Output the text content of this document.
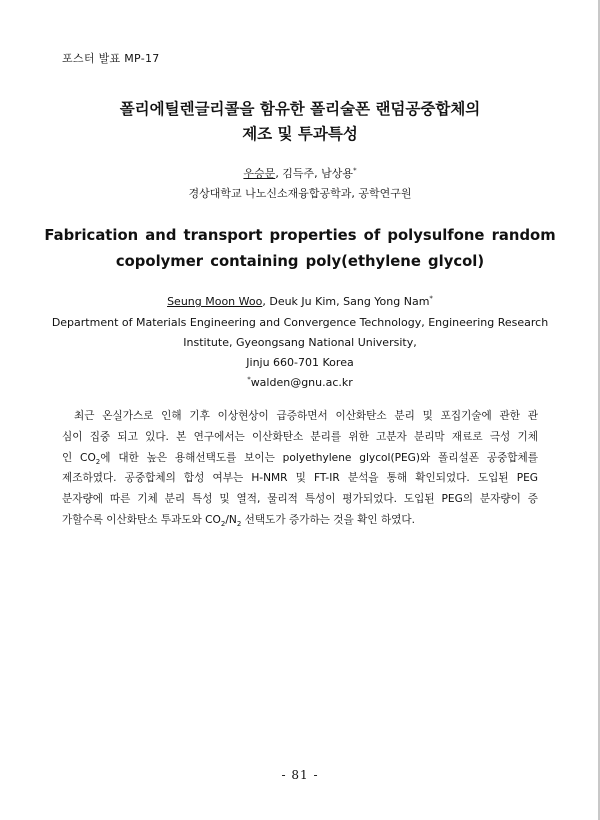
포스터 발표 MP-17
폴리에틸렌글리콜을 함유한 폴리술폰 랜덤공중합체의
제조 및 투과특성
우승문, 김득주, 남상용*
경상대학교 나노신소재융합공학과, 공학연구원
Fabrication and transport properties of polysulfone random
copolymer containing poly(ethylene glycol)
Seung Moon Woo, Deuk Ju Kim, Sang Yong Nam*
Department of Materials Engineering and Convergence Technology, Engineering Research
Institute, Gyeongsang National University,
Jinju 660-701 Korea
*walden@gnu.ac.kr
최근 온실가스로 인해 기후 이상현상이 급증하면서 이산화탄소 분리 및 포집기술에 관한 관
심이 집중 되고 있다. 본 연구에서는 이산화탄소 분리를 위한 고분자 분리막 재료로 극성 기체
인 $CO_2$에 대한 높은 용해선택도를 보이는 polyethylene glycol(PEG)와 폴리설폰 공중합체를
제조하였다. 공중합체의 합성 여부는 H-NMR 및 FT-IR 분석을 통해 확인되었다. 도입된 PEG
분자량에 따른 기체 분리 특성 및 열적, 물리적 특성이 평가되었다. 도입된 PEG의 분자량이 증
가할수록 이산화탄소 투과도와 $CO_2/N_2$ 선택도가 증가하는 것을 확인 하였다.
- 81 -
